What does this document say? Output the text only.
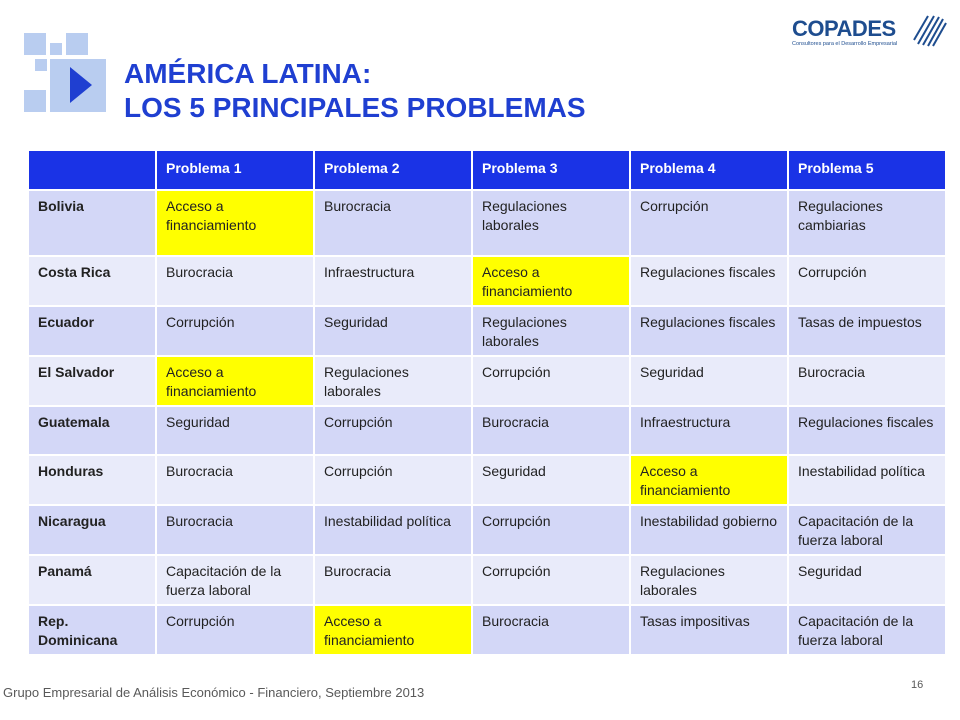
AMÉRICA LATINA:
LOS 5 PRINCIPALES PROBLEMAS
COPADES
Consultores para el Desarrollo Empresarial
	Problema 1	Problema 2	Problema 3	Problema 4	Problema 5
Bolivia	Acceso a financiamiento	Burocracia	Regulaciones laborales	Corrupción	Regulaciones cambiarias
Costa Rica	Burocracia	Infraestructura	Acceso a financiamiento	Regulaciones fiscales	Corrupción
Ecuador	Corrupción	Seguridad	Regulaciones laborales	Regulaciones fiscales	Tasas de impuestos
El Salvador	Acceso a financiamiento	Regulaciones laborales	Corrupción	Seguridad	Burocracia
Guatemala	Seguridad	Corrupción	Burocracia	Infraestructura	Regulaciones fiscales
Honduras	Burocracia	Corrupción	Seguridad	Acceso a financiamiento	Inestabilidad política
Nicaragua	Burocracia	Inestabilidad política	Corrupción	Inestabilidad gobierno	Capacitación de la fuerza laboral
Panamá	Capacitación de la fuerza laboral	Burocracia	Corrupción	Regulaciones laborales	Seguridad
Rep. Dominicana	Corrupción	Acceso a financiamiento	Burocracia	Tasas impositivas	Capacitación de la fuerza laboral
Grupo Empresarial de Análisis Económico - Financiero, Septiembre 2013	16
